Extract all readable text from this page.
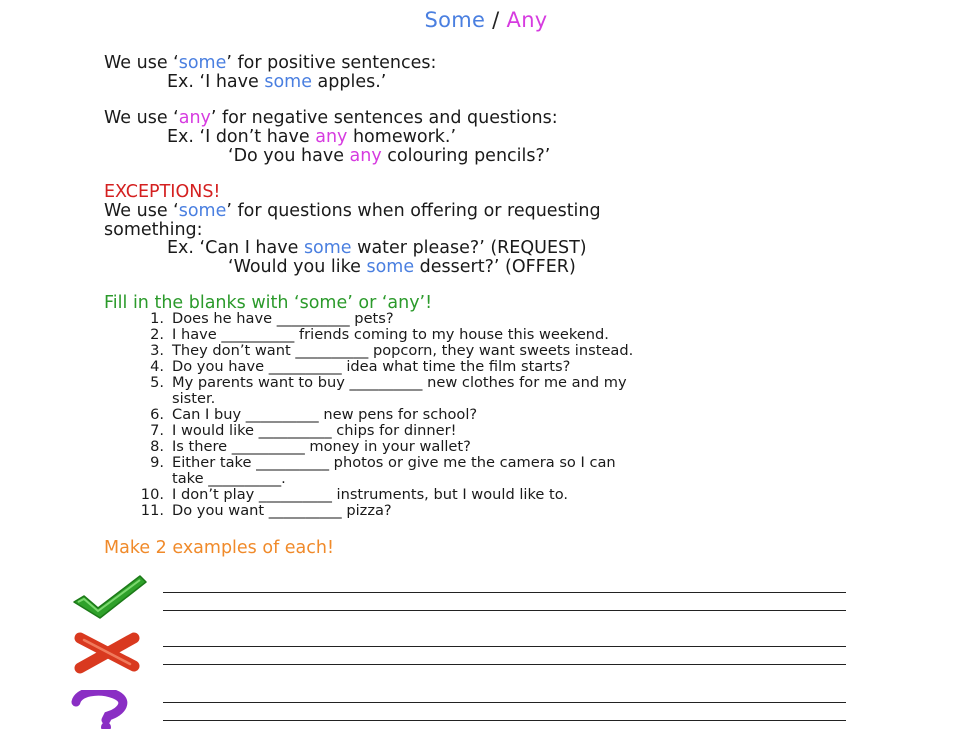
Some / Any
We use ‘some’ for positive sentences:
Ex. ‘I have some apples.’
We use ‘any’ for negative sentences and questions:
Ex. ‘I don’t have any homework.’
‘Do you have any colouring pencils?’
EXCEPTIONS!
We use ‘some’ for questions when offering or requesting
something:
Ex. ‘Can I have some water please?’ (REQUEST)
‘Would you like some dessert?’ (OFFER)
Fill in the blanks with ‘some’ or ‘any’!
1. Does he have __________ pets?
2. I have __________ friends coming to my house this weekend.
3. They don’t want __________ popcorn, they want sweets instead.
4. Do you have __________ idea what time the film starts?
5. My parents want to buy __________ new clothes for me and my
sister.
6. Can I buy __________ new pens for school?
7. I would like __________ chips for dinner!
8. Is there __________ money in your wallet?
9. Either take __________ photos or give me the camera so I can
take __________.
10. I don’t play __________ instruments, but I would like to.
11. Do you want __________ pizza?
Make 2 examples of each!
